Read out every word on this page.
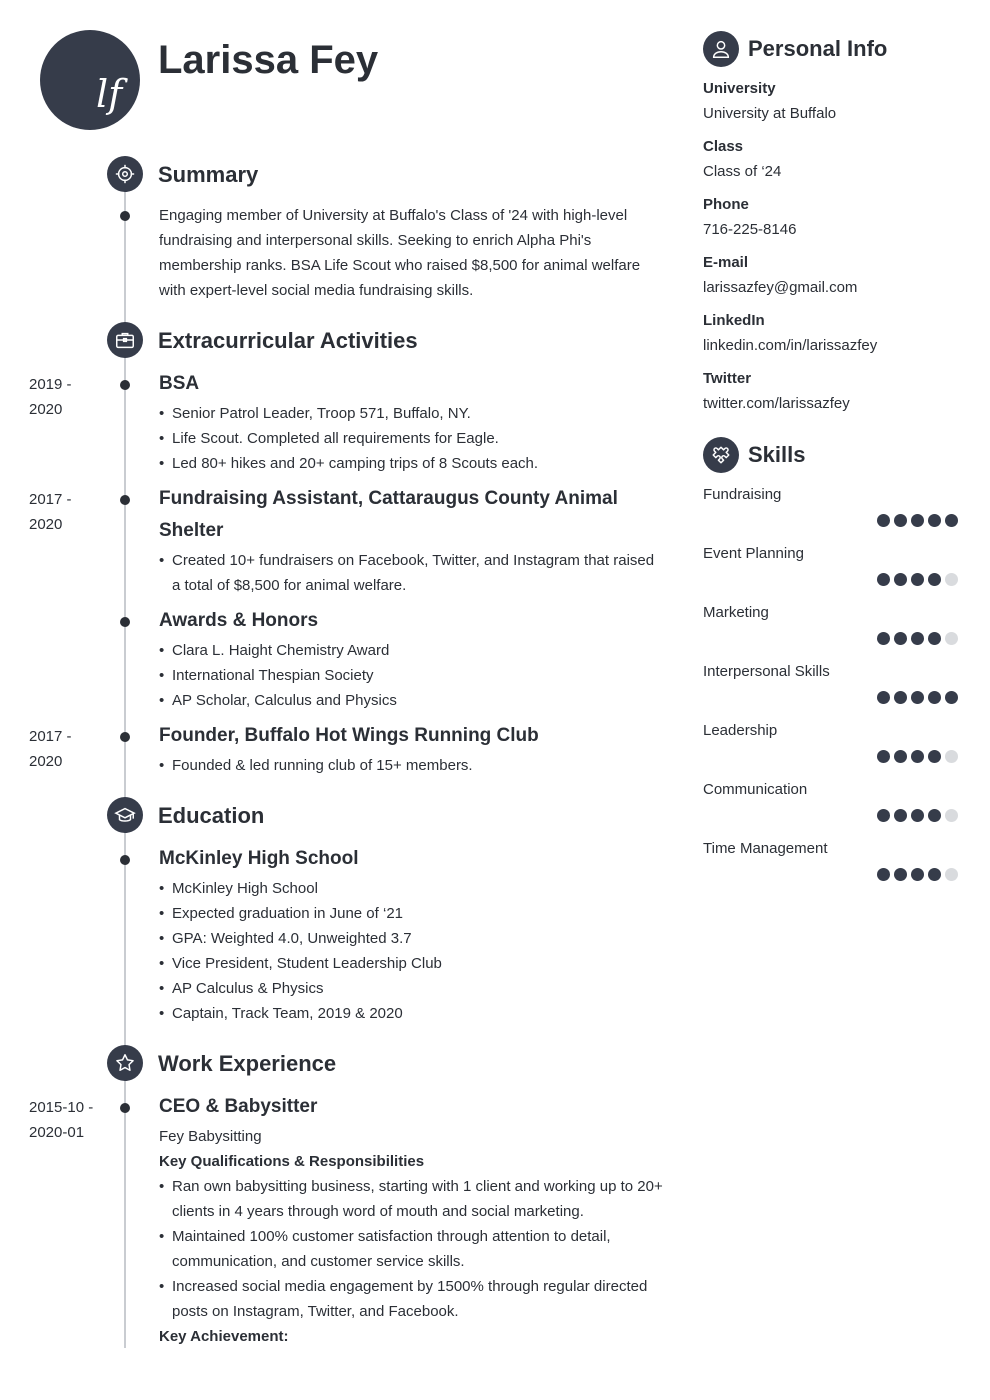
lf
Larissa Fey
Summary
Engaging member of University at Buffalo's Class of '24 with high-level fundraising and interpersonal skills. Seeking to enrich Alpha Phi's membership ranks. BSA Life Scout who raised $8,500 for animal welfare with expert-level social media fundraising skills.
Extracurricular Activities
2019 -
2020
BSA
• Senior Patrol Leader, Troop 571, Buffalo, NY.
• Life Scout. Completed all requirements for Eagle.
• Led 80+ hikes and 20+ camping trips of 8 Scouts each.
2017 -
2020
Fundraising Assistant, Cattaraugus County Animal Shelter
• Created 10+ fundraisers on Facebook, Twitter, and Instagram that raised a total of $8,500 for animal welfare.
Awards & Honors
• Clara L. Haight Chemistry Award
• International Thespian Society
• AP Scholar, Calculus and Physics
2017 -
2020
Founder, Buffalo Hot Wings Running Club
• Founded & led running club of 15+ members.
Education
McKinley High School
• McKinley High School
• Expected graduation in June of ‘21
• GPA: Weighted 4.0, Unweighted 3.7
• Vice President, Student Leadership Club
• AP Calculus & Physics
• Captain, Track Team, 2019 & 2020
Work Experience
2015-10 -
2020-01
CEO & Babysitter
Fey Babysitting
Key Qualifications & Responsibilities
• Ran own babysitting business, starting with 1 client and working up to 20+ clients in 4 years through word of mouth and social marketing.
• Maintained 100% customer satisfaction through attention to detail, communication, and customer service skills.
• Increased social media engagement by 1500% through regular directed posts on Instagram, Twitter, and Facebook.
Key Achievement:
Personal Info
University
University at Buffalo
Class
Class of ‘24
Phone
716-225-8146
E-mail
larissazfey@gmail.com
LinkedIn
linkedin.com/in/larissazfey
Twitter
twitter.com/larissazfey
Skills
Fundraising
Event Planning
Marketing
Interpersonal Skills
Leadership
Communication
Time Management
